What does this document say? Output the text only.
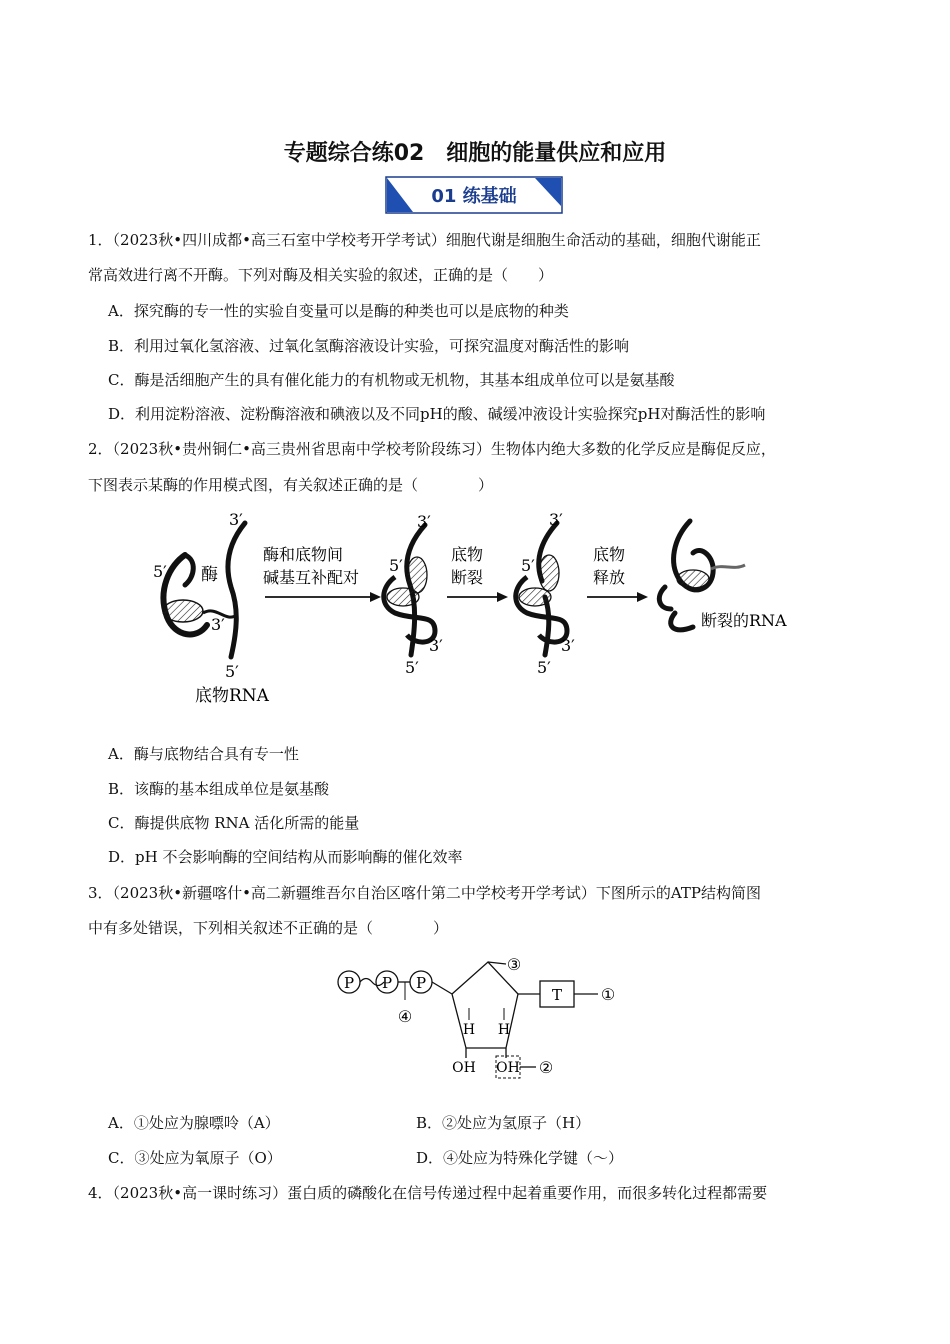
专题综合练02　细胞的能量供应和应用
01 练基础
1．（2023秋•四川成都•高三石室中学校考开学考试）细胞代谢是细胞生命活动的基础，细胞代谢能正
常高效进行离不开酶。下列对酶及相关实验的叙述，正确的是（　　）
A．探究酶的专一性的实验自变量可以是酶的种类也可以是底物的种类
B．利用过氧化氢溶液、过氧化氢酶溶液设计实验，可探究温度对酶活性的影响
C．酶是活细胞产生的具有催化能力的有机物或无机物，其基本组成单位可以是氨基酸
D．利用淀粉溶液、淀粉酶溶液和碘液以及不同pH的酸、碱缓冲液设计实验探究pH对酶活性的影响
2．（2023秋•贵州铜仁•高三贵州省思南中学校考阶段练习）生物体内绝大多数的化学反应是酶促反应，
下图表示某酶的作用模式图，有关叙述正确的是（　　　　）
5′
3′
酶
3′
5′
底物RNA
酶和底物间
碱基互补配对
3′
5′
3′
5′
底物
断裂
3′
5′
3′
5′
底物
释放
断裂的RNA
A．酶与底物结合具有专一性
B．该酶的基本组成单位是氨基酸
C．酶提供底物 RNA 活化所需的能量
D．pH 不会影响酶的空间结构从而影响酶的催化效率
3．（2023秋•新疆喀什•高二新疆维吾尔自治区喀什第二中学校考开学考试）下图所示的ATP结构简图
中有多处错误，下列相关叙述不正确的是（　　　　）
P P P
④
③
H H
OH OH ②
T ①
A．①处应为腺嘌呤（A）	B．②处应为氢原子（H）
C．③处应为氧原子（O）	D．④处应为特殊化学键（～）
4．（2023秋•高一课时练习）蛋白质的磷酸化在信号传递过程中起着重要作用，而很多转化过程都需要
